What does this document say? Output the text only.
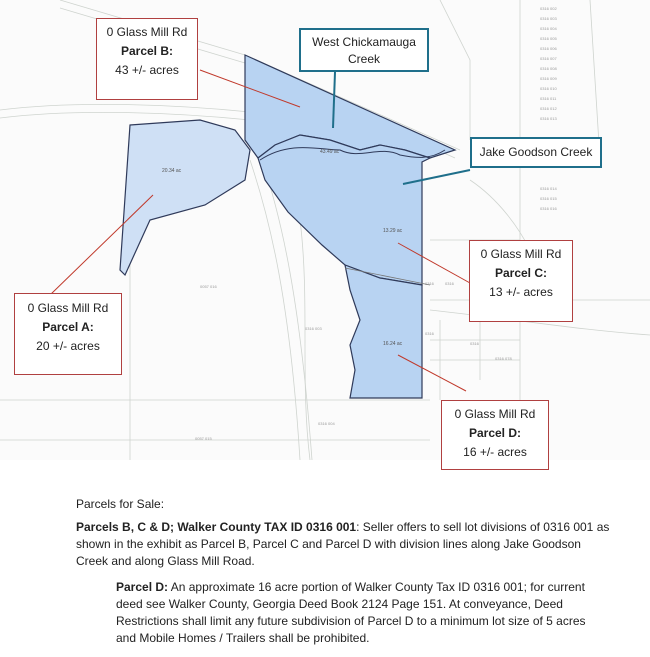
0316 002
0316 003
0316 004
0316 005
0316 006
0316 007
0316 008
0316 009
0316 010
0316 011
0316 012
0316 013
0316 014
0316 015
0316 016
0057 016
0316 003
0316 004
0057 015
0316 078
0316
0316
0316	0316
43.49 ac
20.34 ac
13.29 ac
16.24 ac
0 Glass Mill Rd
Parcel B:
43 +/- acres
0 Glass Mill Rd
Parcel A:
20 +/- acres
0 Glass Mill Rd
Parcel C:
13 +/- acres
0 Glass Mill Rd
Parcel D:
16 +/- acres
West Chickamauga
Creek
Jake Goodson Creek
Parcels for Sale:
Parcels B, C & D; Walker County TAX ID 0316 001: Seller offers to sell lot divisions of 0316 001 as shown in the exhibit as Parcel B, Parcel C and Parcel D with division lines along Jake Goodson Creek and along Glass Mill Road.
Parcel D: An approximate 16 acre portion of Walker County Tax ID 0316 001; for current deed see Walker County, Georgia Deed Book 2124 Page 151. At conveyance, Deed Restrictions shall limit any future subdivision of Parcel D to a minimum lot size of 5 acres and Mobile Homes / Trailers shall be prohibited.
